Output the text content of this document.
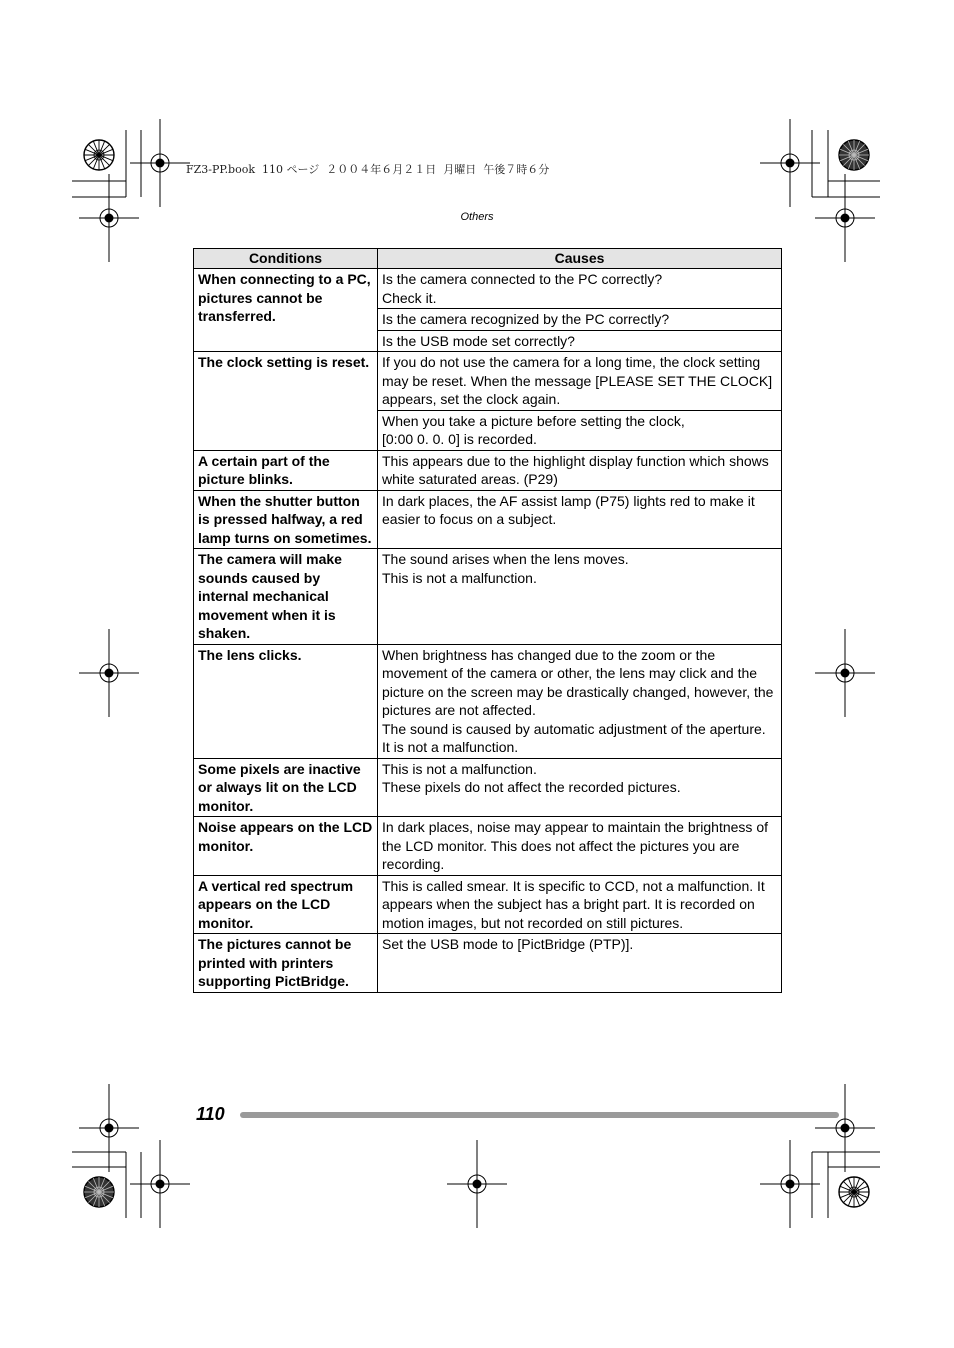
FZ3-PP.book  110 ページ  ２００４年６月２１日  月曜日  午後７時６分
Others
Conditions	Causes
When connecting to a PC, pictures cannot be transferred.	Is the camera connected to the PC correctly?
Check it.
	Is the camera recognized by the PC correctly?
	Is the USB mode set correctly?
The clock setting is reset.	If you do not use the camera for a long time, the clock setting may be reset. When the message [PLEASE SET THE CLOCK] appears, set the clock again.
	When you take a picture before setting the clock,
[0:00 0. 0. 0] is recorded.
A certain part of the picture blinks.	This appears due to the highlight display function which shows white saturated areas. (P29)
When the shutter button is pressed halfway, a red lamp turns on sometimes.	In dark places, the AF assist lamp (P75) lights red to make it easier to focus on a subject.
The camera will make sounds caused by internal mechanical movement when it is shaken.	The sound arises when the lens moves.
This is not a malfunction.
The lens clicks.	When brightness has changed due to the zoom or the movement of the camera or other, the lens may click and the picture on the screen may be drastically changed, however, the pictures are not affected.
The sound is caused by automatic adjustment of the aperture. It is not a malfunction.
Some pixels are inactive or always lit on the LCD monitor.	This is not a malfunction.
These pixels do not affect the recorded pictures.
Noise appears on the LCD monitor.	In dark places, noise may appear to maintain the brightness of the LCD monitor. This does not affect the pictures you are recording.
A vertical red spectrum appears on the LCD monitor.	This is called smear. It is specific to CCD, not a malfunction. It appears when the subject has a bright part. It is recorded on motion images, but not recorded on still pictures.
The pictures cannot be printed with printers supporting PictBridge.	Set the USB mode to [PictBridge (PTP)].
110
